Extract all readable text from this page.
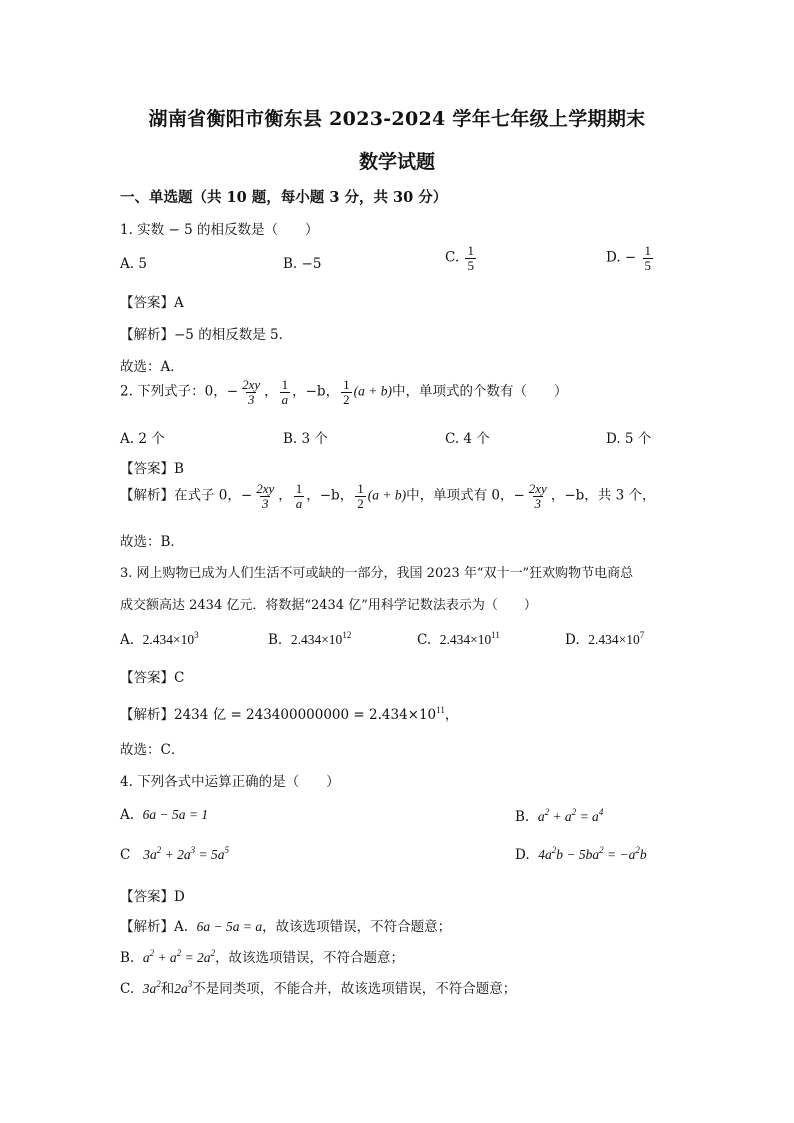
湖南省衡阳市衡东县 2023-2024 学年七年级上学期期末
数学试题
一、单选题（共 10 题，每小题 3 分，共 30 分）
1. 实数 − 5 的相反数是（　　）
A. 5	B. −5	C. $\frac{1}{5}$	D. − $\frac{1}{5}$
【答案】A
【解析】−5 的相反数是 5．
故选：A．
2. 下列式子：0，− $\frac{2xy}{3}$ ， $\frac{1}{a}$ ，−b， $\frac{1}{2} (a + b)$中，单项式的个数有（　　）
A. 2 个	B. 3 个	C. 4 个	D. 5 个
【答案】B
【解析】在式子 0，− $\frac{2xy}{3}$ ， $\frac{1}{a}$ ，−b， $\frac{1}{2} (a + b)$中，单项式有 0，− $\frac{2xy}{3}$ ，−b，共 3 个，
故选：B．
3. 网上购物已成为人们生活不可或缺的一部分，我国 2023 年“双十一”狂欢购物节电商总
成交额高达 2434 亿元．将数据“2434 亿”用科学记数法表示为（　　）
A. $2.434\times 10^3$	B. $2.434\times 10^{12}$	C. $2.434\times 10^{11}$	D. $2.434\times 10^7$
【答案】C
【解析】2434 亿 = $243400000000 = 2.434\times 10^{11}$，
故选：C．
4. 下列各式中运算正确的是（　　）
A. 6a − 5a = 1	B. $a^2 + a^2 = a^4$
C $3a^2 + 2a^3 = 5a^5$	D. $4a^2b - 5ba^2 = -a^2b$
【答案】D
【解析】A. 6a − 5a = a，故该选项错误，不符合题意；
B. $a^2 + a^2 = 2a^2$，故该选项错误，不符合题意；
C. $3a^2$和$2a^3$不是同类项，不能合并，故该选项错误，不符合题意；
